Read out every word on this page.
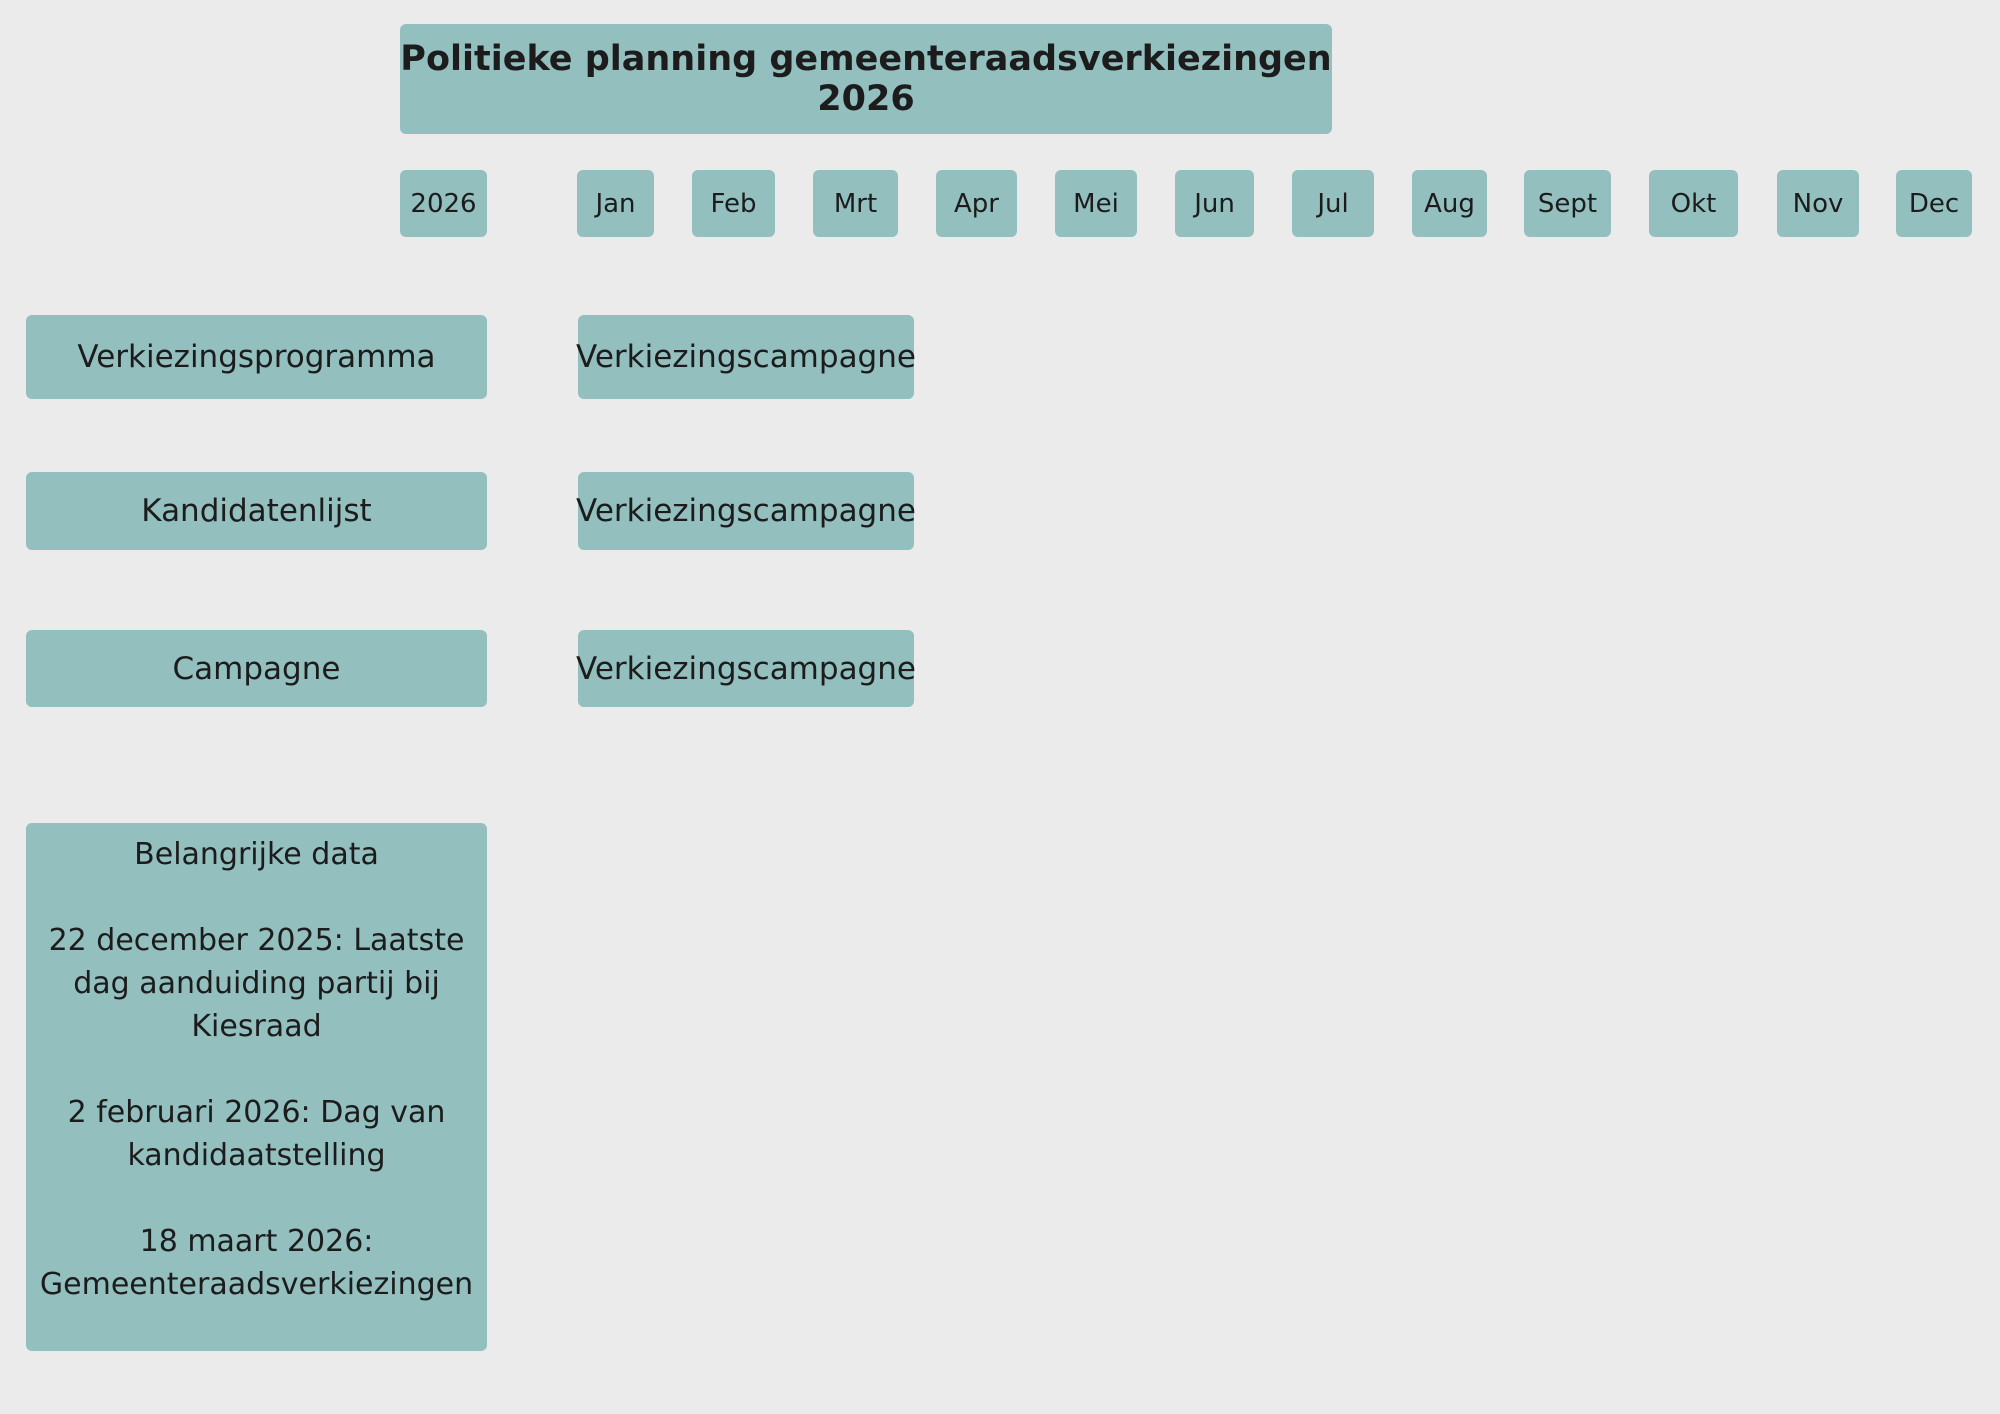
Politieke planning gemeenteraadsverkiezingen 2026
2026	Jan	Feb	Mrt	Apr	Mei	Jun	Jul	Aug	Sept	Okt	Nov	Dec
Verkiezingsprogramma	Verkiezingscampagne
Kandidatenlijst	Verkiezingscampagne
Campagne	Verkiezingscampagne
Belangrijke data
22 december 2025: Laatste dag aanduiding partij bij Kiesraad
2 februari 2026: Dag van kandidaatstelling
18 maart 2026: Gemeenteraadsverkiezingen
